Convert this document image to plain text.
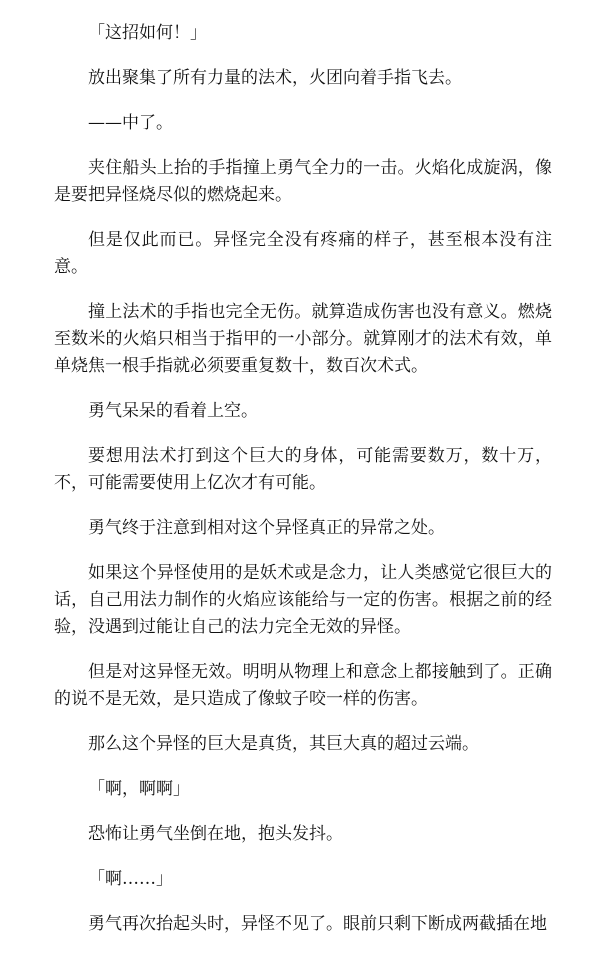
「这招如何！」

放出聚集了所有力量的法术，火团向着手指飞去。

——中了。

夹住船头上抬的手指撞上勇气全力的一击。火焰化成旋涡，像是要把异怪烧尽似的燃烧起来。

但是仅此而已。异怪完全没有疼痛的样子，甚至根本没有注意。

撞上法术的手指也完全无伤。就算造成伤害也没有意义。燃烧至数米的火焰只相当于指甲的一小部分。就算刚才的法术有效，单单烧焦一根手指就必须要重复数十，数百次术式。

勇气呆呆的看着上空。

要想用法术打到这个巨大的身体，可能需要数万，数十万，不，可能需要使用上亿次才有可能。

勇气终于注意到相对这个异怪真正的异常之处。

如果这个异怪使用的是妖术或是念力，让人类感觉它很巨大的话，自己用法力制作的火焰应该能给与一定的伤害。根据之前的经验，没遇到过能让自己的法力完全无效的异怪。

但是对这异怪无效。明明从物理上和意念上都接触到了。正确的说不是无效，是只造成了像蚊子咬一样的伤害。

那么这个异怪的巨大是真货，其巨大真的超过云端。

「啊，啊啊」

恐怖让勇气坐倒在地，抱头发抖。

「啊……」

勇气再次抬起头时，异怪不见了。眼前只剩下断成两截插在地
